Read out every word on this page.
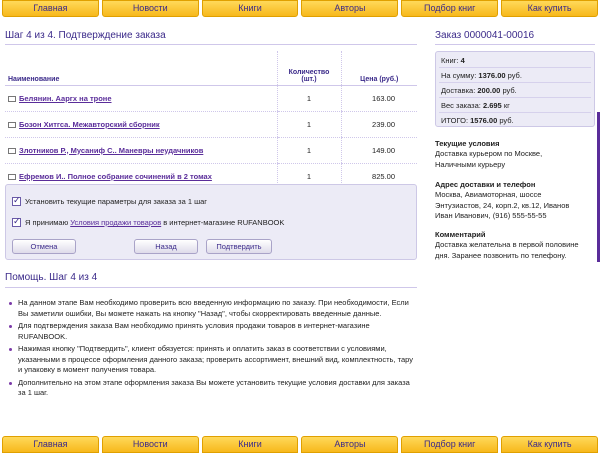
Главная	Новости	Книги	Авторы	Подбор книг	Как купить
Шаг 4 из 4. Подтверждение заказа
Наименование	Количество (шт.)	Цена (руб.)
Белянин. Ааргх на троне	1	163.00
Бозон Хитгса. Межавторский сборник	1	239.00
Злотников Р., Мусаниф С.. Маневры неудачников	1	149.00
Ефремов И.. Полное собрание сочинений в 2 томах	1	825.00
✓
Установить текущие параметры для заказа за 1 шаг
✓
Я принимаю Условия продажи товаров в интернет-магазине RUFANBOOK
Отмена	Назад	Подтвердить
Помощь. Шаг 4 из 4
На данном этапе Вам необходимо проверить всю введенную информацию по заказу. При необходимости, Если Вы заметили ошибки, Вы можете нажать на кнопку "Назад", чтобы скорректировать введенные данные.
Для подтверждения заказа Вам необходимо принять условия продажи товаров в интернет-магазине RUFANBOOK.
Нажимая кнопку "Подтвердить", клиент обязуется: принять и оплатить заказ в соответствии с условиями, указанными в процессе оформления данного заказа; проверить ассортимент, внешний вид, комплектность, тару и упаковку в момент получения товара.
Дополнительно на этом этапе оформления заказа Вы можете установить текущие условия доставки для заказа за 1 шаг.
Заказ 0000041-00016
Книг: 4
На сумму: 1376.00 руб.
Доставка: 200.00 руб.
Вес заказа: 2.695 кг
ИТОГО: 1576.00 руб.
Текущие условия
Доставка курьером по Москве,
Наличными курьеру
Адрес доставки и телефон
Москва, Авиамоторная, шоссе
Энтузиастов, 24, корп.2, кв.12, Иванов
Иван Иванович, (916) 555-55-55
Комментарий
Доставка желательна в первой половине
дня. Заранее позвонить по телефону.
Главная	Новости	Книги	Авторы	Подбор книг	Как купить
